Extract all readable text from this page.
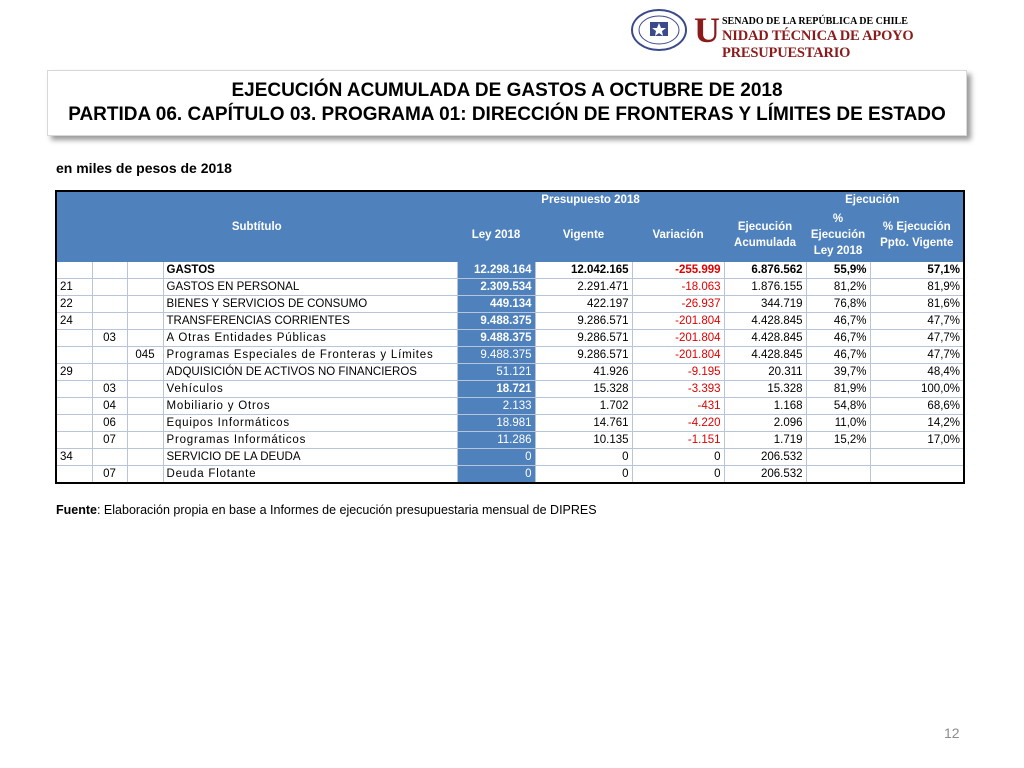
U SENADO DE LA REPÚBLICA DE CHILE
NIDAD TÉCNICA DE APOYO PRESUPUESTARIO
EJECUCIÓN ACUMULADA DE GASTOS A OCTUBRE DE 2018
PARTIDA 06. CAPÍTULO 03. PROGRAMA 01: DIRECCIÓN DE FRONTERAS Y LÍMITES DE ESTADO
en miles de pesos de 2018
Subtítulo				Presupuesto 2018			Ejecución		
				Ley 2018	Vigente	Variación	Ejecución Acumulada	% Ejecución Ley 2018	% Ejecución Ppto. Vigente
			GASTOS	12.298.164	12.042.165	-255.999	6.876.562	55,9%	57,1%
21			GASTOS EN PERSONAL	2.309.534	2.291.471	-18.063	1.876.155	81,2%	81,9%
22			BIENES Y SERVICIOS DE CONSUMO	449.134	422.197	-26.937	344.719	76,8%	81,6%
24			TRANSFERENCIAS CORRIENTES	9.488.375	9.286.571	-201.804	4.428.845	46,7%	47,7%
	03		A Otras Entidades Públicas	9.488.375	9.286.571	-201.804	4.428.845	46,7%	47,7%
		045	Programas Especiales de Fronteras y Límites	9.488.375	9.286.571	-201.804	4.428.845	46,7%	47,7%
29			ADQUISICIÓN DE ACTIVOS NO FINANCIEROS	51.121	41.926	-9.195	20.311	39,7%	48,4%
	03		Vehículos	18.721	15.328	-3.393	15.328	81,9%	100,0%
	04		Mobiliario y Otros	2.133	1.702	-431	1.168	54,8%	68,6%
	06		Equipos Informáticos	18.981	14.761	-4.220	2.096	11,0%	14,2%
	07		Programas Informáticos	11.286	10.135	-1.151	1.719	15,2%	17,0%
34			SERVICIO DE LA DEUDA	0	0	0	206.532		
	07		Deuda Flotante	0	0	0	206.532		
Fuente: Elaboración propia en base a Informes de ejecución presupuestaria mensual de DIPRES
12
